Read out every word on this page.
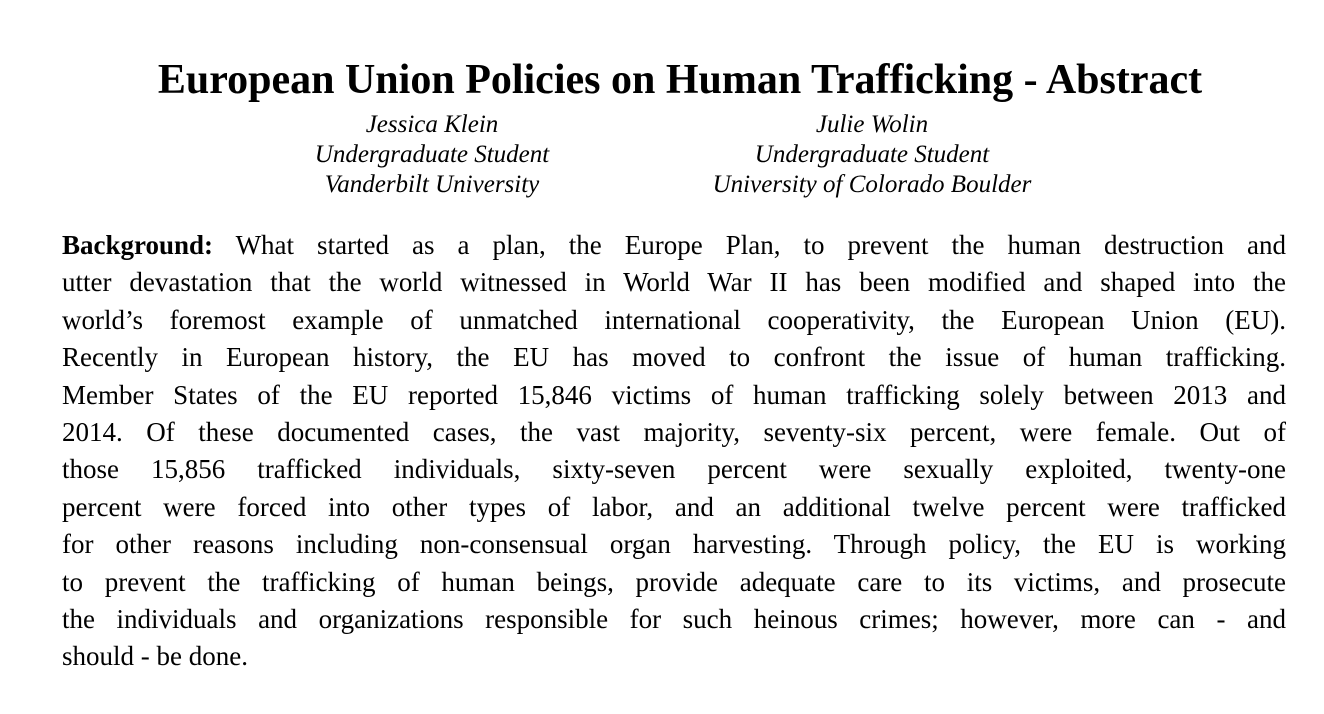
European Union Policies on Human Trafficking - Abstract
Jessica Klein
Undergraduate Student
Vanderbilt University
Julie Wolin
Undergraduate Student
University of Colorado Boulder
Background: What started as a plan, the Europe Plan, to prevent the human destruction and
utter devastation that the world witnessed in World War II has been modified and shaped into the
world’s foremost example of unmatched international cooperativity, the European Union (EU).
Recently in European history, the EU has moved to confront the issue of human trafficking.
Member States of the EU reported 15,846 victims of human trafficking solely between 2013 and
2014. Of these documented cases, the vast majority, seventy-six percent, were female. Out of
those 15,856 trafficked individuals, sixty-seven percent were sexually exploited, twenty-one
percent were forced into other types of labor, and an additional twelve percent were trafficked
for other reasons including non-consensual organ harvesting. Through policy, the EU is working
to prevent the trafficking of human beings, provide adequate care to its victims, and prosecute
the individuals and organizations responsible for such heinous crimes; however, more can - and
should - be done.
